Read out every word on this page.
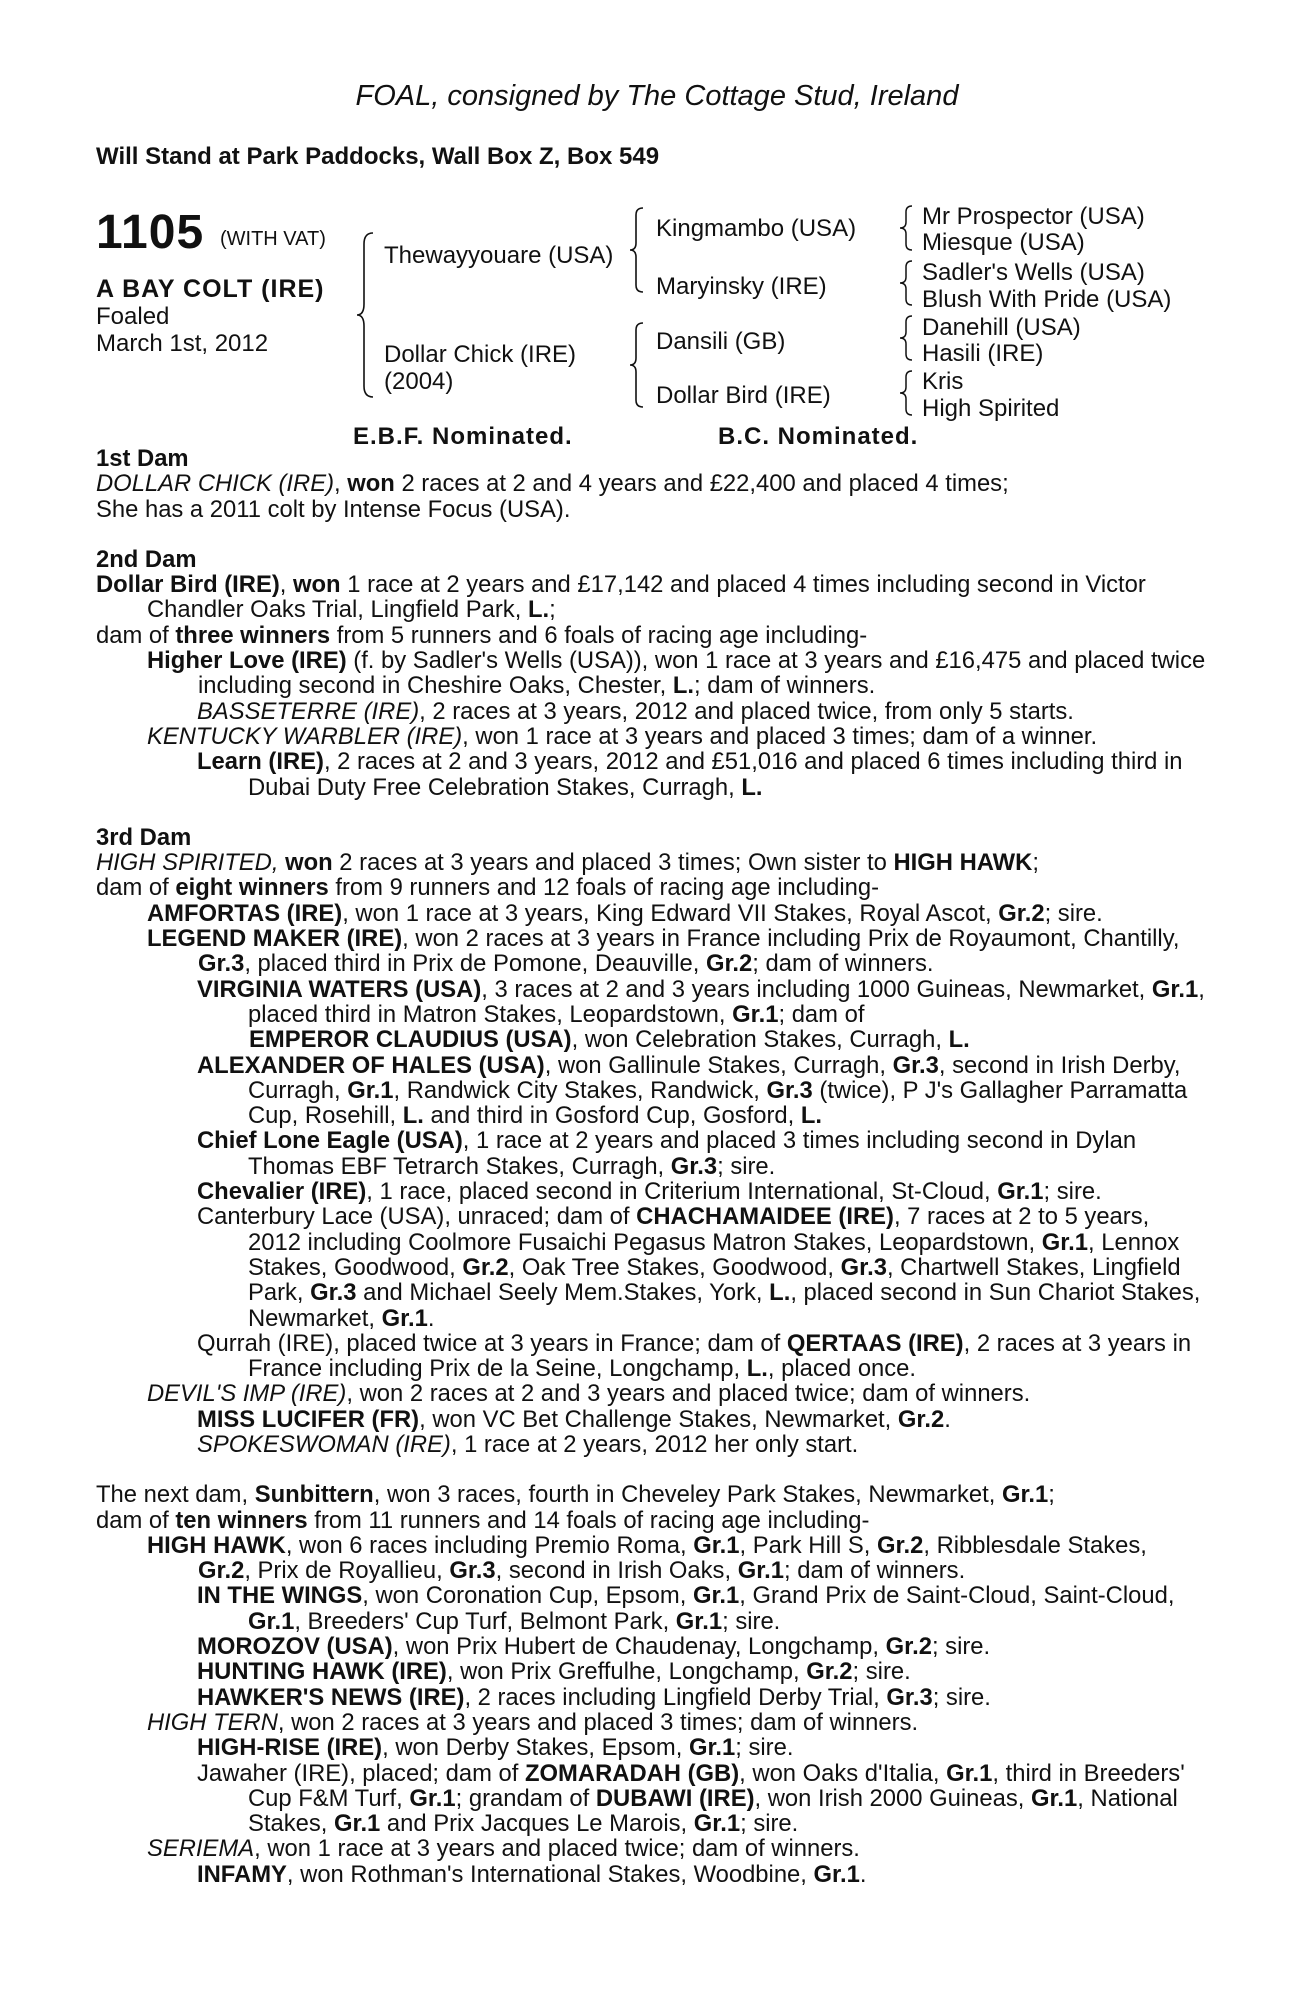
FOAL, consigned by The Cottage Stud, Ireland
Will Stand at Park Paddocks, Wall Box Z, Box 549
1105 (WITH VAT)
A BAY COLT (IRE)
Foaled
March 1st, 2012
Thewayyouare (USA)
Dollar Chick (IRE)
(2004)
Kingmambo (USA)
Maryinsky (IRE)
Dansili (GB)
Dollar Bird (IRE)
Mr Prospector (USA)
Miesque (USA)
Sadler's Wells (USA)
Blush With Pride (USA)
Danehill (USA)
Hasili (IRE)
Kris
High Spirited
E.B.F. Nominated.	B.C. Nominated.
1st Dam
DOLLAR CHICK (IRE), won 2 races at 2 and 4 years and £22,400 and placed 4 times;
She has a 2011 colt by Intense Focus (USA).
2nd Dam
Dollar Bird (IRE), won 1 race at 2 years and £17,142 and placed 4 times including second in Victor Chandler Oaks Trial, Lingfield Park, L.;
dam of three winners from 5 runners and 6 foals of racing age including-
Higher Love (IRE) (f. by Sadler's Wells (USA)), won 1 race at 3 years and £16,475 and placed twice including second in Cheshire Oaks, Chester, L.; dam of winners.
BASSETERRE (IRE), 2 races at 3 years, 2012 and placed twice, from only 5 starts.
KENTUCKY WARBLER (IRE), won 1 race at 3 years and placed 3 times; dam of a winner.
Learn (IRE), 2 races at 2 and 3 years, 2012 and £51,016 and placed 6 times including third in Dubai Duty Free Celebration Stakes, Curragh, L.
3rd Dam
HIGH SPIRITED, won 2 races at 3 years and placed 3 times; Own sister to HIGH HAWK;
dam of eight winners from 9 runners and 12 foals of racing age including-
AMFORTAS (IRE), won 1 race at 3 years, King Edward VII Stakes, Royal Ascot, Gr.2; sire.
LEGEND MAKER (IRE), won 2 races at 3 years in France including Prix de Royaumont, Chantilly, Gr.3, placed third in Prix de Pomone, Deauville, Gr.2; dam of winners.
VIRGINIA WATERS (USA), 3 races at 2 and 3 years including 1000 Guineas, Newmarket, Gr.1, placed third in Matron Stakes, Leopardstown, Gr.1; dam of
EMPEROR CLAUDIUS (USA), won Celebration Stakes, Curragh, L.
ALEXANDER OF HALES (USA), won Gallinule Stakes, Curragh, Gr.3, second in Irish Derby, Curragh, Gr.1, Randwick City Stakes, Randwick, Gr.3 (twice), P J's Gallagher Parramatta Cup, Rosehill, L. and third in Gosford Cup, Gosford, L.
Chief Lone Eagle (USA), 1 race at 2 years and placed 3 times including second in Dylan Thomas EBF Tetrarch Stakes, Curragh, Gr.3; sire.
Chevalier (IRE), 1 race, placed second in Criterium International, St-Cloud, Gr.1; sire.
Canterbury Lace (USA), unraced; dam of CHACHAMAIDEE (IRE), 7 races at 2 to 5 years, 2012 including Coolmore Fusaichi Pegasus Matron Stakes, Leopardstown, Gr.1, Lennox Stakes, Goodwood, Gr.2, Oak Tree Stakes, Goodwood, Gr.3, Chartwell Stakes, Lingfield Park, Gr.3 and Michael Seely Mem.Stakes, York, L., placed second in Sun Chariot Stakes, Newmarket, Gr.1.
Qurrah (IRE), placed twice at 3 years in France; dam of QERTAAS (IRE), 2 races at 3 years in France including Prix de la Seine, Longchamp, L., placed once.
DEVIL'S IMP (IRE), won 2 races at 2 and 3 years and placed twice; dam of winners.
MISS LUCIFER (FR), won VC Bet Challenge Stakes, Newmarket, Gr.2.
SPOKESWOMAN (IRE), 1 race at 2 years, 2012 her only start.
The next dam, Sunbittern, won 3 races, fourth in Cheveley Park Stakes, Newmarket, Gr.1;
dam of ten winners from 11 runners and 14 foals of racing age including-
HIGH HAWK, won 6 races including Premio Roma, Gr.1, Park Hill S, Gr.2, Ribblesdale Stakes, Gr.2, Prix de Royallieu, Gr.3, second in Irish Oaks, Gr.1; dam of winners.
IN THE WINGS, won Coronation Cup, Epsom, Gr.1, Grand Prix de Saint-Cloud, Saint-Cloud, Gr.1, Breeders' Cup Turf, Belmont Park, Gr.1; sire.
MOROZOV (USA), won Prix Hubert de Chaudenay, Longchamp, Gr.2; sire.
HUNTING HAWK (IRE), won Prix Greffulhe, Longchamp, Gr.2; sire.
HAWKER'S NEWS (IRE), 2 races including Lingfield Derby Trial, Gr.3; sire.
HIGH TERN, won 2 races at 3 years and placed 3 times; dam of winners.
HIGH-RISE (IRE), won Derby Stakes, Epsom, Gr.1; sire.
Jawaher (IRE), placed; dam of ZOMARADAH (GB), won Oaks d'Italia, Gr.1, third in Breeders' Cup F&M Turf, Gr.1; grandam of DUBAWI (IRE), won Irish 2000 Guineas, Gr.1, National Stakes, Gr.1 and Prix Jacques Le Marois, Gr.1; sire.
SERIEMA, won 1 race at 3 years and placed twice; dam of winners.
INFAMY, won Rothman's International Stakes, Woodbine, Gr.1.
